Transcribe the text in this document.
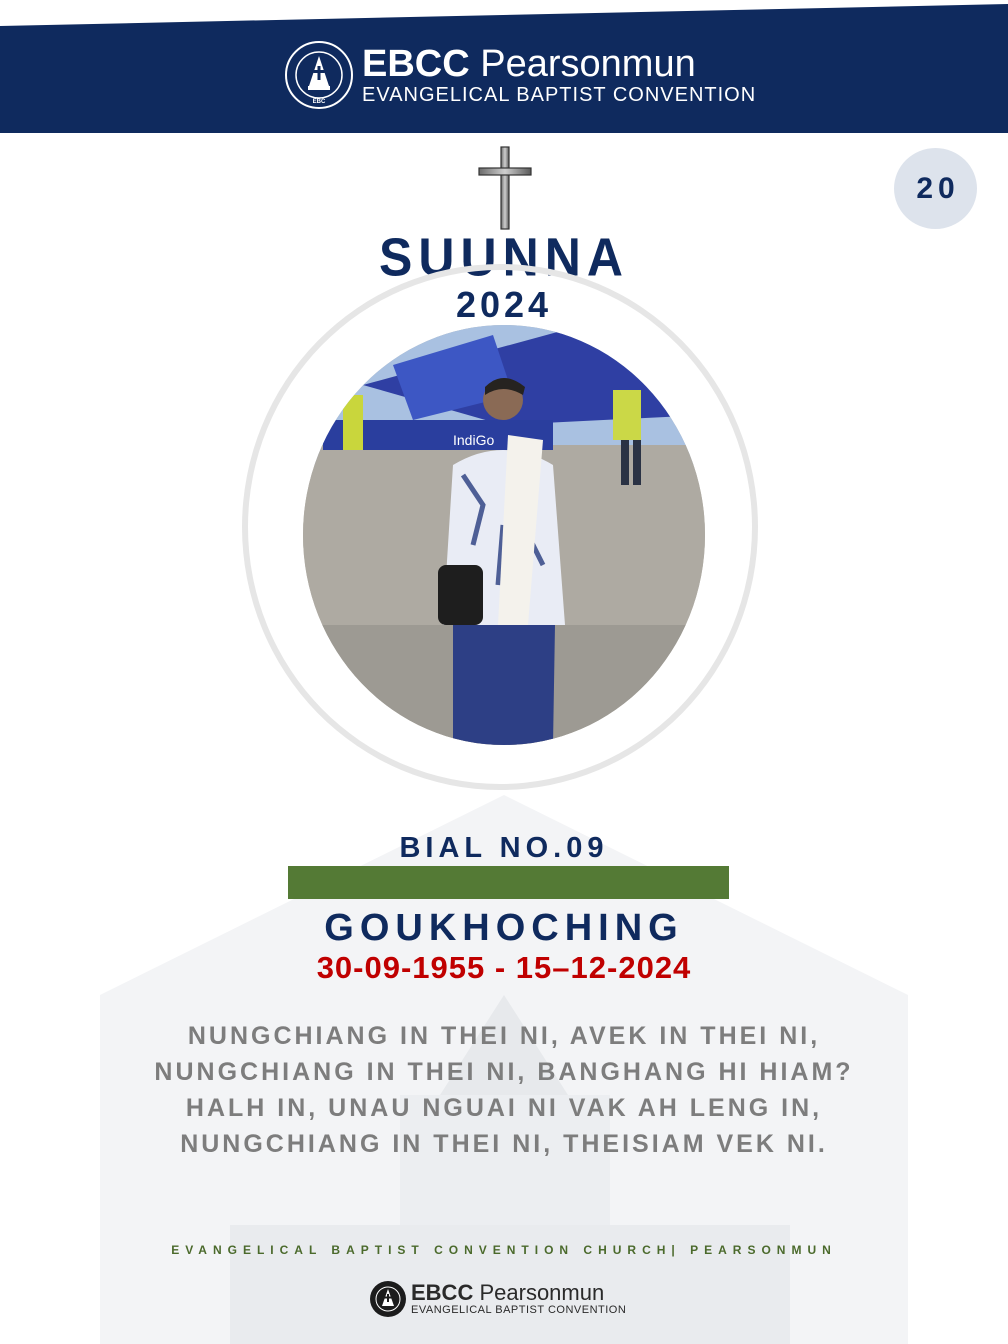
EBC
EBCC Pearsonmun
EVANGELICAL BAPTIST CONVENTION
20
SUUNNA
2024
IndiGo
BIAL NO.09
GOUKHOCHING
30-09-1955 - 15–12-2024
NUNGCHIANG IN THEI NI, AVEK IN THEI NI,
NUNGCHIANG IN THEI NI, BANGHANG HI HIAM?
HALH IN, UNAU NGUAI NI VAK AH LENG IN,
NUNGCHIANG IN THEI NI, THEISIAM VEK NI.
EVANGELICAL BAPTIST CONVENTION CHURCH| PEARSONMUN
EBCC Pearsonmun
EVANGELICAL BAPTIST CONVENTION
